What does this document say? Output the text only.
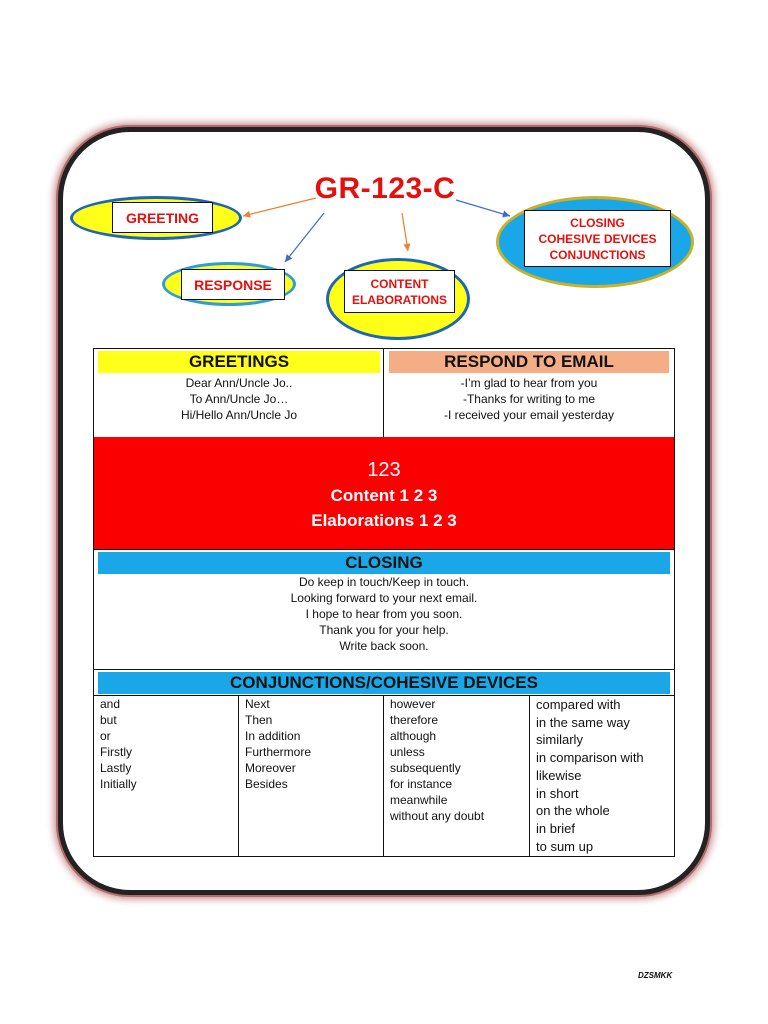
GR-123-C
GREETING
RESPONSE	CONTENT
ELABORATIONS
CLOSING
COHESIVE DEVICES
CONJUNCTIONS
GREETINGS
Dear Ann/Uncle Jo..
To Ann/Uncle Jo…
Hi/Hello Ann/Uncle Jo
RESPOND TO EMAIL
-I’m glad to hear from you
-Thanks for writing to me
-I received your email yesterday
123
Content 1 2 3
Elaborations 1 2 3
CLOSING
Do keep in touch/Keep in touch.
Looking forward to your next email.
I hope to hear from you soon.
Thank you for your help.
Write back soon.
CONJUNCTIONS/COHESIVE DEVICES
and
but
or
Firstly
Lastly
Initially
Next
Then
In addition
Furthermore
Moreover
Besides
however
therefore
although
unless
subsequently
for instance
meanwhile
without any doubt
compared with
in the same way
similarly
in comparison with
likewise
in short
on the whole
in brief
to sum up
DZSMKK
